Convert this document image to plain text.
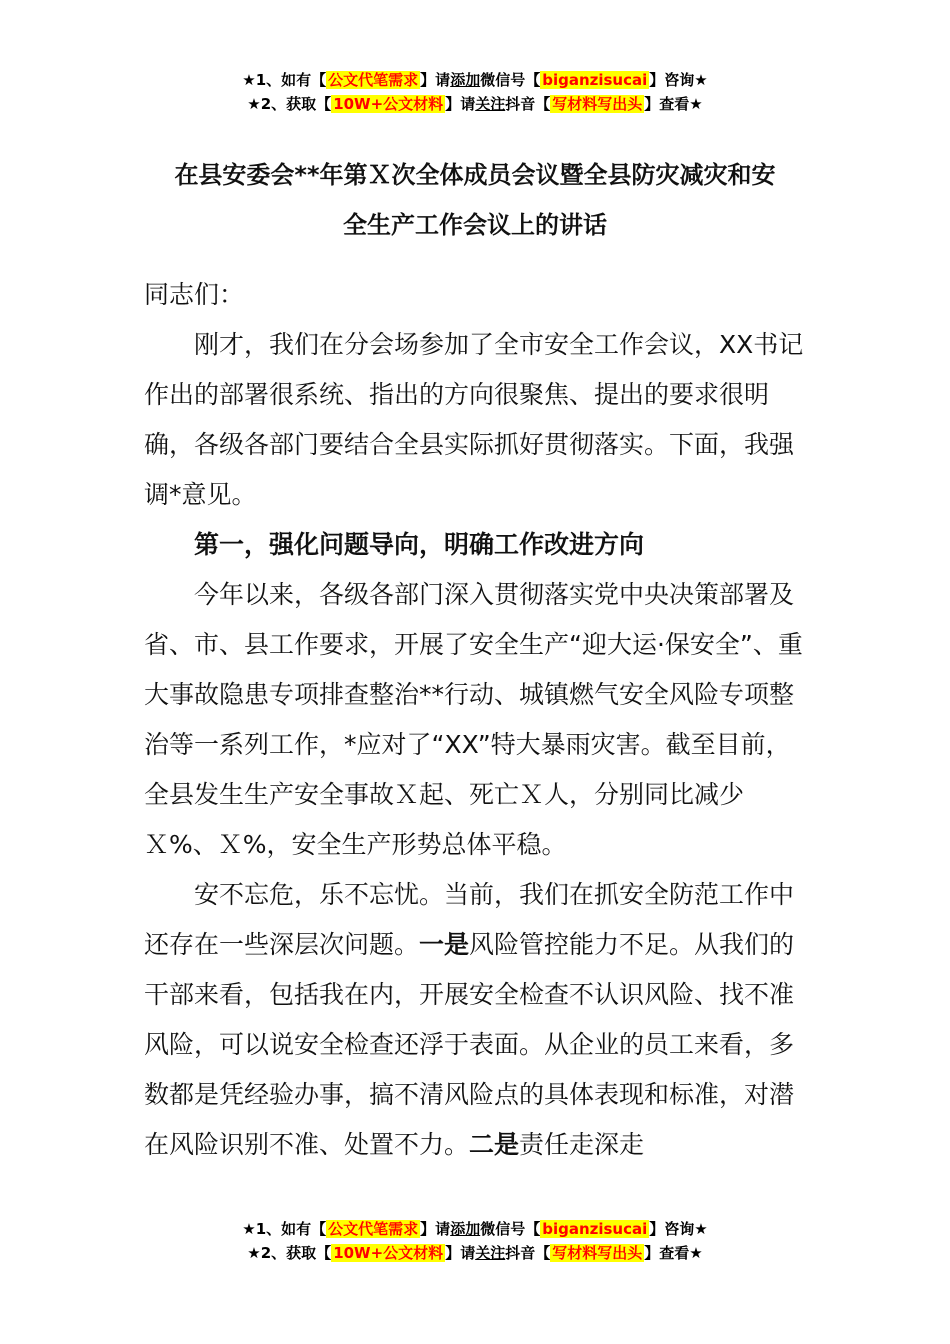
★1、如有【 公文代笔需求 】请添加微信号【 biganzisucai 】咨询★
★2、获取【 10W+公文材料 】请关注抖音【 写材料写出头 】查看★
在县安委会**年第Ｘ次全体成员会议暨全县防灾减灾和安
全生产工作会议上的讲话

同志们：

刚才，我们在分会场参加了全市安全工作会议，XX书记作出的部署很系统、指出的方向很聚焦、提出的要求很明确，各级各部门要结合全县实际抓好贯彻落实。下面，我强调*意见。

第一，强化问题导向，明确工作改进方向

今年以来，各级各部门深入贯彻落实党中央决策部署及省、市、县工作要求，开展了安全生产“迎大运·保安全”、重大事故隐患专项排查整治**行动、城镇燃气安全风险专项整治等一系列工作，*应对了“XX”特大暴雨灾害。截至目前，全县发生生产安全事故Ｘ起、死亡Ｘ人，分别同比减少Ｘ%、Ｘ%，安全生产形势总体平稳。

安不忘危，乐不忘忧。当前，我们在抓安全防范工作中还存在一些深层次问题。一是风险管控能力不足。从我们的干部来看，包括我在内，开展安全检查不认识风险、找不准风险，可以说安全检查还浮于表面。从企业的员工来看，多数都是凭经验办事，搞不清风险点的具体表现和标准，对潜在风险识别不准、处置不力。二是责任走深走

★1、如有【 公文代笔需求 】请添加微信号【 biganzisucai 】咨询★
★2、获取【 10W+公文材料 】请关注抖音【 写材料写出头 】查看★
